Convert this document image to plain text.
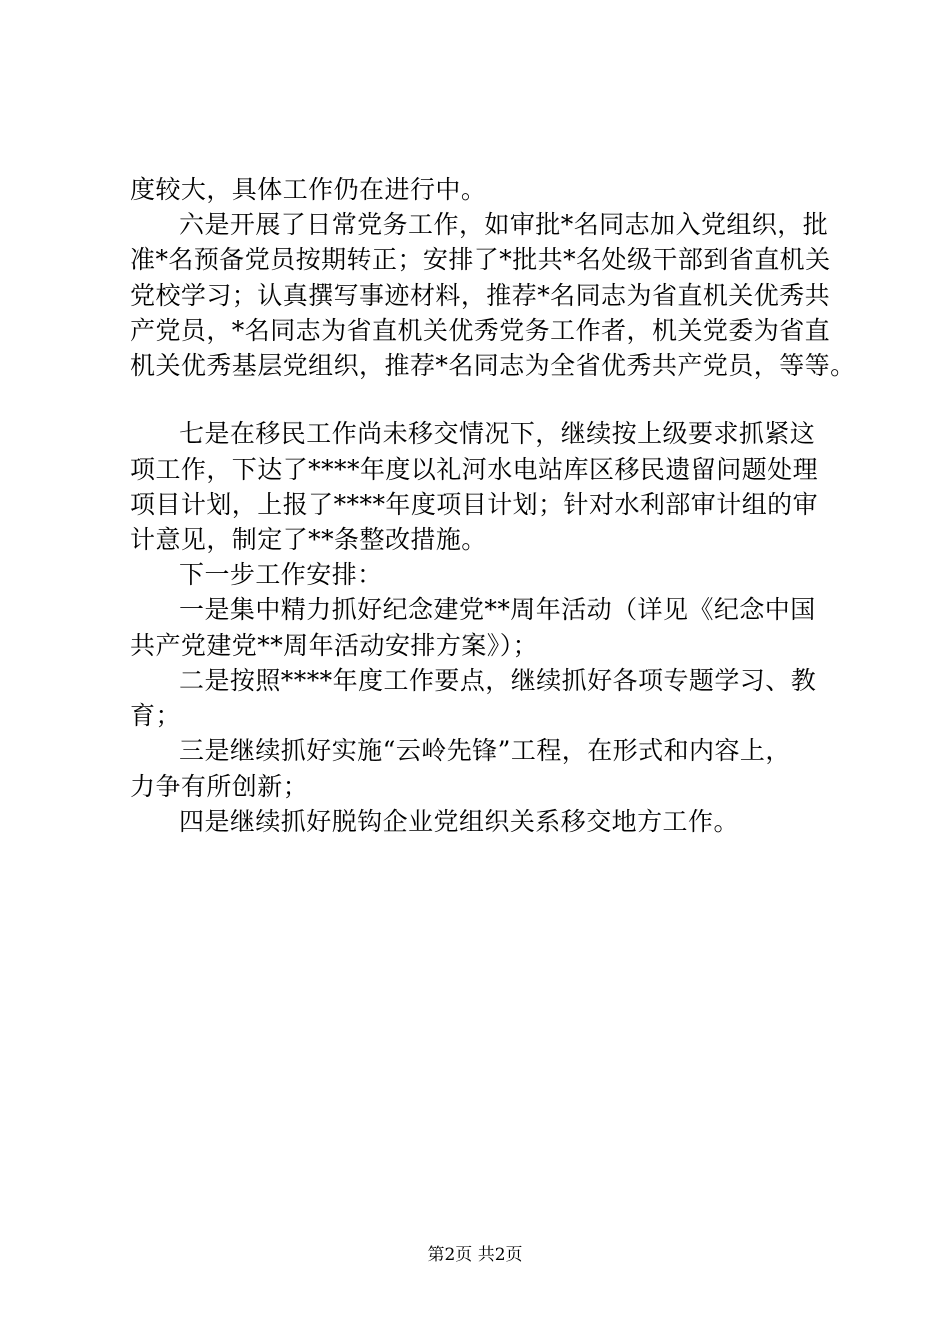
度较大，具体工作仍在进行中。
六是开展了日常党务工作，如审批*名同志加入党组织，批
准*名预备党员按期转正；安排了*批共*名处级干部到省直机关
党校学习；认真撰写事迹材料，推荐*名同志为省直机关优秀共
产党员，*名同志为省直机关优秀党务工作者，机关党委为省直
机关优秀基层党组织，推荐*名同志为全省优秀共产党员，等等。
七是在移民工作尚未移交情况下，继续按上级要求抓紧这
项工作，下达了****年度以礼河水电站库区移民遗留问题处理
项目计划，上报了****年度项目计划；针对水利部审计组的审
计意见，制定了**条整改措施。
下一步工作安排：
一是集中精力抓好纪念建党**周年活动（详见《纪念中国
共产党建党**周年活动安排方案》）；
二是按照****年度工作要点，继续抓好各项专题学习、教
育；
三是继续抓好实施“云岭先锋”工程，在形式和内容上，
力争有所创新；
四是继续抓好脱钩企业党组织关系移交地方工作。
第2页 共2页
